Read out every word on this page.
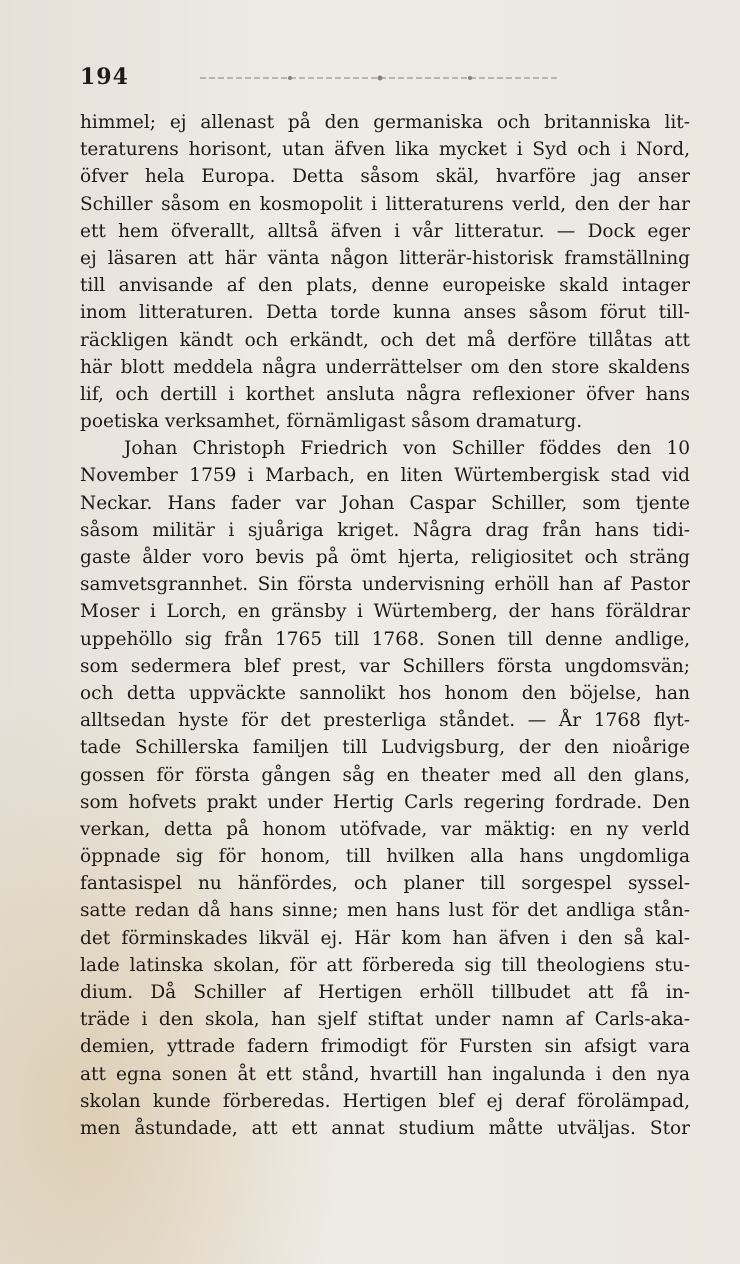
194
himmel; ej allenast på den germaniska och britanniska lit-
teraturens horisont, utan äfven lika mycket i Syd och i Nord,
öfver hela Europa. Detta såsom skäl, hvarföre jag anser
Schiller såsom en kosmopolit i litteraturens verld, den der har
ett hem öfverallt, alltså äfven i vår litteratur. — Dock eger
ej läsaren att här vänta någon litterär-historisk framställning
till anvisande af den plats, denne europeiske skald intager
inom litteraturen. Detta torde kunna anses såsom förut till-
räckligen kändt och erkändt, och det må derföre tillåtas att
här blott meddela några underrättelser om den store skaldens
lif, och dertill i korthet ansluta några reflexioner öfver hans
poetiska verksamhet, förnämligast såsom dramaturg.
Johan Christoph Friedrich von Schiller föddes den 10
November 1759 i Marbach, en liten Würtembergisk stad vid
Neckar. Hans fader var Johan Caspar Schiller, som tjente
såsom militär i sjuåriga kriget. Några drag från hans tidi-
gaste ålder voro bevis på ömt hjerta, religiositet och sträng
samvetsgrannhet. Sin första undervisning erhöll han af Pastor
Moser i Lorch, en gränsby i Würtemberg, der hans föräldrar
uppehöllo sig från 1765 till 1768. Sonen till denne andlige,
som sedermera blef prest, var Schillers första ungdomsvän;
och detta uppväckte sannolikt hos honom den böjelse, han
alltsedan hyste för det presterliga ståndet. — År 1768 flyt-
tade Schillerska familjen till Ludvigsburg, der den nioårige
gossen för första gången såg en theater med all den glans,
som hofvets prakt under Hertig Carls regering fordrade. Den
verkan, detta på honom utöfvade, var mäktig: en ny verld
öppnade sig för honom, till hvilken alla hans ungdomliga
fantasispel nu hänfördes, och planer till sorgespel syssel-
satte redan då hans sinne; men hans lust för det andliga stån-
det förminskades likväl ej. Här kom han äfven i den så kal-
lade latinska skolan, för att förbereda sig till theologiens stu-
dium. Då Schiller af Hertigen erhöll tillbudet att få in-
träde i den skola, han sjelf stiftat under namn af Carls-aka-
demien, yttrade fadern frimodigt för Fursten sin afsigt vara
att egna sonen åt ett stånd, hvartill han ingalunda i den nya
skolan kunde förberedas. Hertigen blef ej deraf förolämpad,
men åstundade, att ett annat studium måtte utväljas. Stor
